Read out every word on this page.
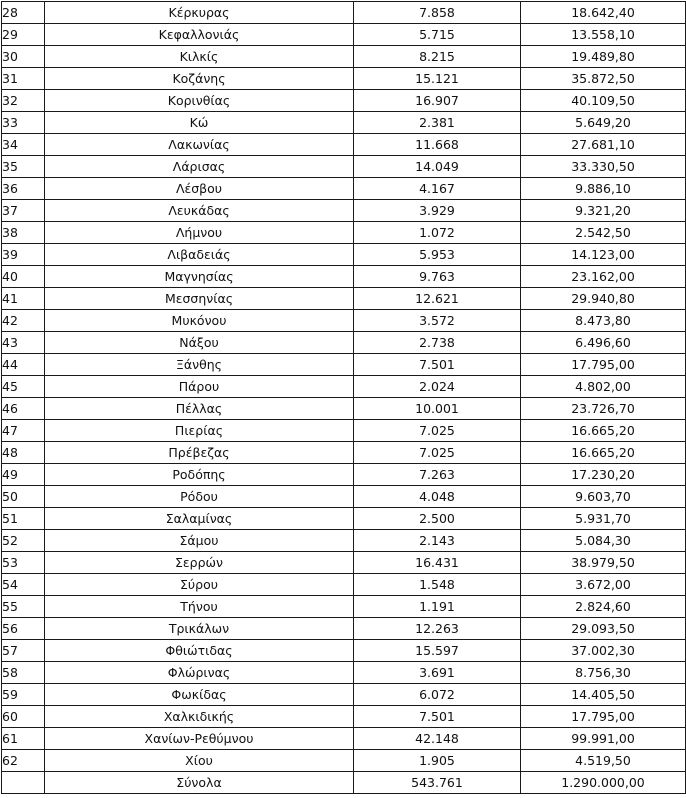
28	Κέρκυρας	7.858	18.642,40
29	Κεφαλλονιάς	5.715	13.558,10
30	Κιλκίς	8.215	19.489,80
31	Κοζάνης	15.121	35.872,50
32	Κορινθίας	16.907	40.109,50
33	Κώ	2.381	5.649,20
34	Λακωνίας	11.668	27.681,10
35	Λάρισας	14.049	33.330,50
36	Λέσβου	4.167	9.886,10
37	Λευκάδας	3.929	9.321,20
38	Λήμνου	1.072	2.542,50
39	Λιβαδειάς	5.953	14.123,00
40	Μαγνησίας	9.763	23.162,00
41	Μεσσηνίας	12.621	29.940,80
42	Μυκόνου	3.572	8.473,80
43	Νάξου	2.738	6.496,60
44	Ξάνθης	7.501	17.795,00
45	Πάρου	2.024	4.802,00
46	Πέλλας	10.001	23.726,70
47	Πιερίας	7.025	16.665,20
48	Πρέβεζας	7.025	16.665,20
49	Ροδόπης	7.263	17.230,20
50	Ρόδου	4.048	9.603,70
51	Σαλαμίνας	2.500	5.931,70
52	Σάμου	2.143	5.084,30
53	Σερρών	16.431	38.979,50
54	Σύρου	1.548	3.672,00
55	Τήνου	1.191	2.824,60
56	Τρικάλων	12.263	29.093,50
57	Φθιώτιδας	15.597	37.002,30
58	Φλώρινας	3.691	8.756,30
59	Φωκίδας	6.072	14.405,50
60	Χαλκιδικής	7.501	17.795,00
61	Χανίων-Ρεθύμνου	42.148	99.991,00
62	Χίου	1.905	4.519,50
	Σύνολα	543.761	1.290.000,00
